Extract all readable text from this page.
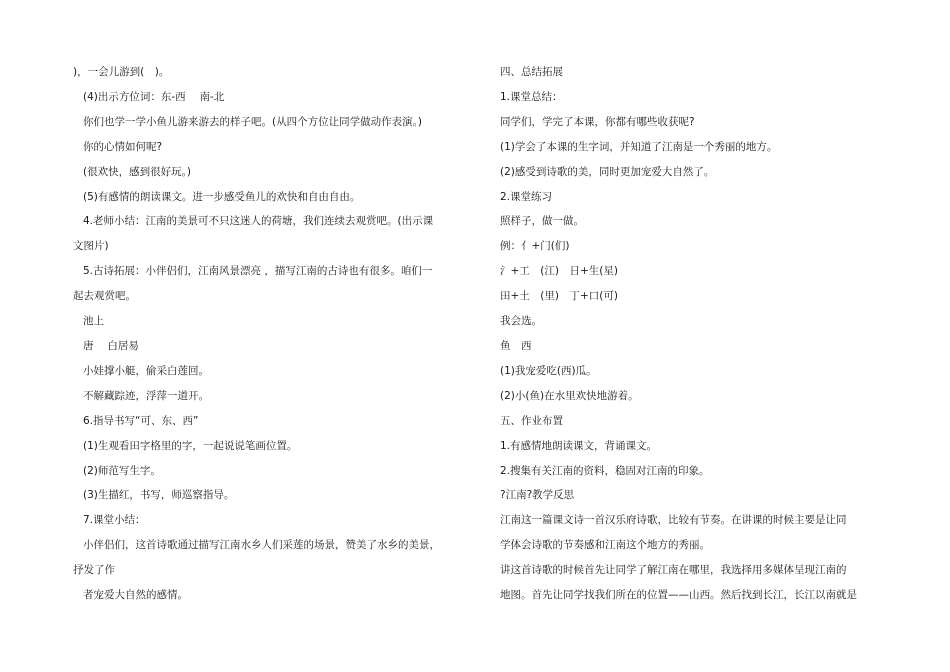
)，一会儿游到(　)。
(4)出示方位词：东-西　 南-北
你们也学一学小鱼儿游来游去的样子吧。(从四个方位让同学做动作表演。)
你的心情如何呢?
(很欢快，感到很好玩。)
(5)有感情的朗读课文。进一步感受鱼儿的欢快和自由自由。
4.老师小结：江南的美景可不只这迷人的荷塘，我们连续去观赏吧。(出示课
文图片)
5.古诗拓展：小伴侣们，江南风景漂亮 ，描写江南的古诗也有很多。咱们一
起去观赏吧。
池上
唐　 白居易
小娃撑小艇，偷采白莲回。
不解藏踪迹，浮萍一道开。
6.指导书写“可、东、西”
(1)生观看田字格里的字，一起说说笔画位置。
(2)师范写生字。
(3)生描红，书写，师巡察指导。
7.课堂小结：
小伴侣们，这首诗歌通过描写江南水乡人们采莲的场景，赞美了水乡的美景，
抒发了作
者宠爱大自然的感情。
四、总结拓展
1.课堂总结：
同学们，学完了本课，你都有哪些收获呢?
(1)学会了本课的生字词，并知道了江南是一个秀丽的地方。
(2)感受到诗歌的美，同时更加宠爱大自然了。
2.课堂练习
照样子，做一做。
例：亻+门(们)
氵+工　(江)　日+生(星)
田+土　(里)　丁+口(可)
我会选。
鱼　西
(1)我宠爱吃(西)瓜。
(2)小(鱼)在水里欢快地游着。
五、作业布置
1.有感情地朗读课文，背诵课文。
2.搜集有关江南的资料，稳固对江南的印象。
?江南?教学反思
江南这一篇课文诗一首汉乐府诗歌，比较有节奏。在讲课的时候主要是让同
学体会诗歌的节奏感和江南这个地方的秀丽。
讲这首诗歌的时候首先让同学了解江南在哪里，我选择用多媒体呈现江南的
地图。首先让同学找我们所在的位置——山西。然后找到长江，长江以南就是
